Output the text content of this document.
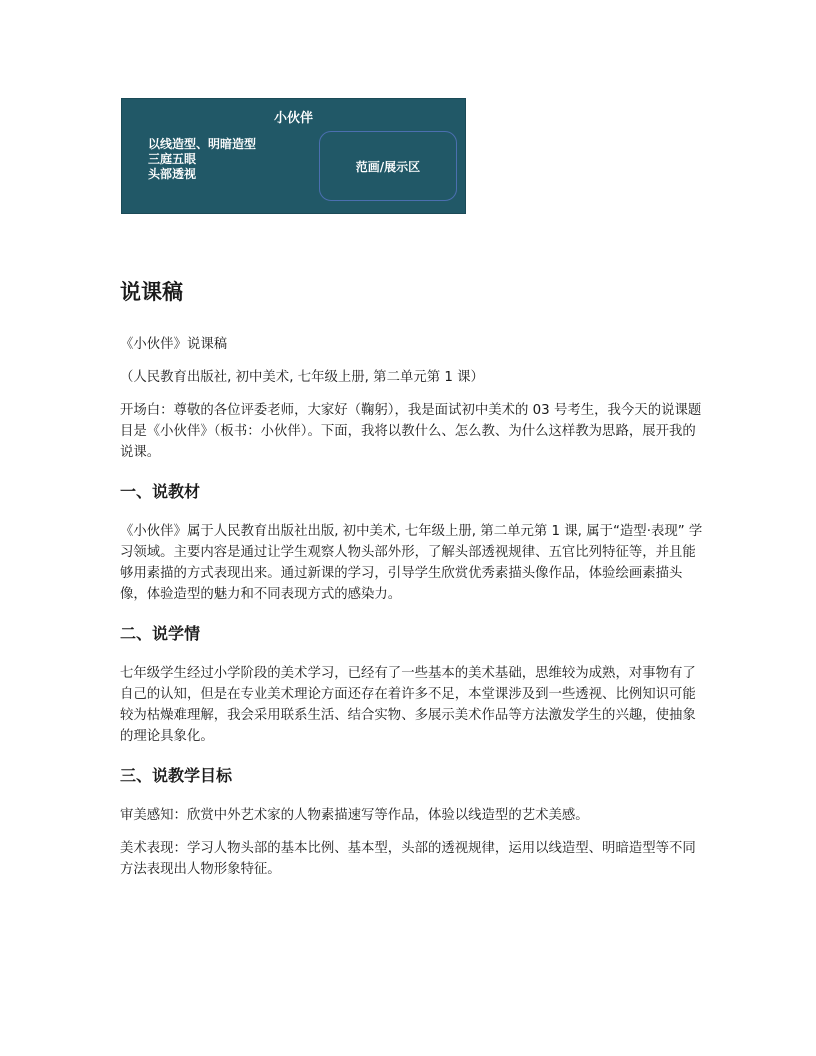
小伙伴
以线造型、明暗造型
三庭五眼
头部透视
范画/展示区
说课稿

《小伙伴》说课稿

（人民教育出版社, 初中美术, 七年级上册, 第二单元第 1 课）

开场白：尊敬的各位评委老师，大家好（鞠躬），我是面试初中美术的 03 号考生，我今天的说课题目是《小伙伴》（板书：小伙伴）。下面，我将以教什么、怎么教、为什么这样教为思路，展开我的说课。

一、说教材

《小伙伴》属于人民教育出版社出版, 初中美术, 七年级上册, 第二单元第 1 课, 属于“造型·表现” 学习领域。主要内容是通过让学生观察人物头部外形，了解头部透视规律、五官比列特征等，并且能够用素描的方式表现出来。通过新课的学习，引导学生欣赏优秀素描头像作品，体验绘画素描头像，体验造型的魅力和不同表现方式的感染力。

二、说学情

七年级学生经过小学阶段的美术学习，已经有了一些基本的美术基础，思维较为成熟，对事物有了自己的认知，但是在专业美术理论方面还存在着许多不足，本堂课涉及到一些透视、比例知识可能较为枯燥难理解，我会采用联系生活、结合实物、多展示美术作品等方法激发学生的兴趣，使抽象的理论具象化。

三、说教学目标

审美感知：欣赏中外艺术家的人物素描速写等作品，体验以线造型的艺术美感。

美术表现：学习人物头部的基本比例、基本型，头部的透视规律，运用以线造型、明暗造型等不同方法表现出人物形象特征。
